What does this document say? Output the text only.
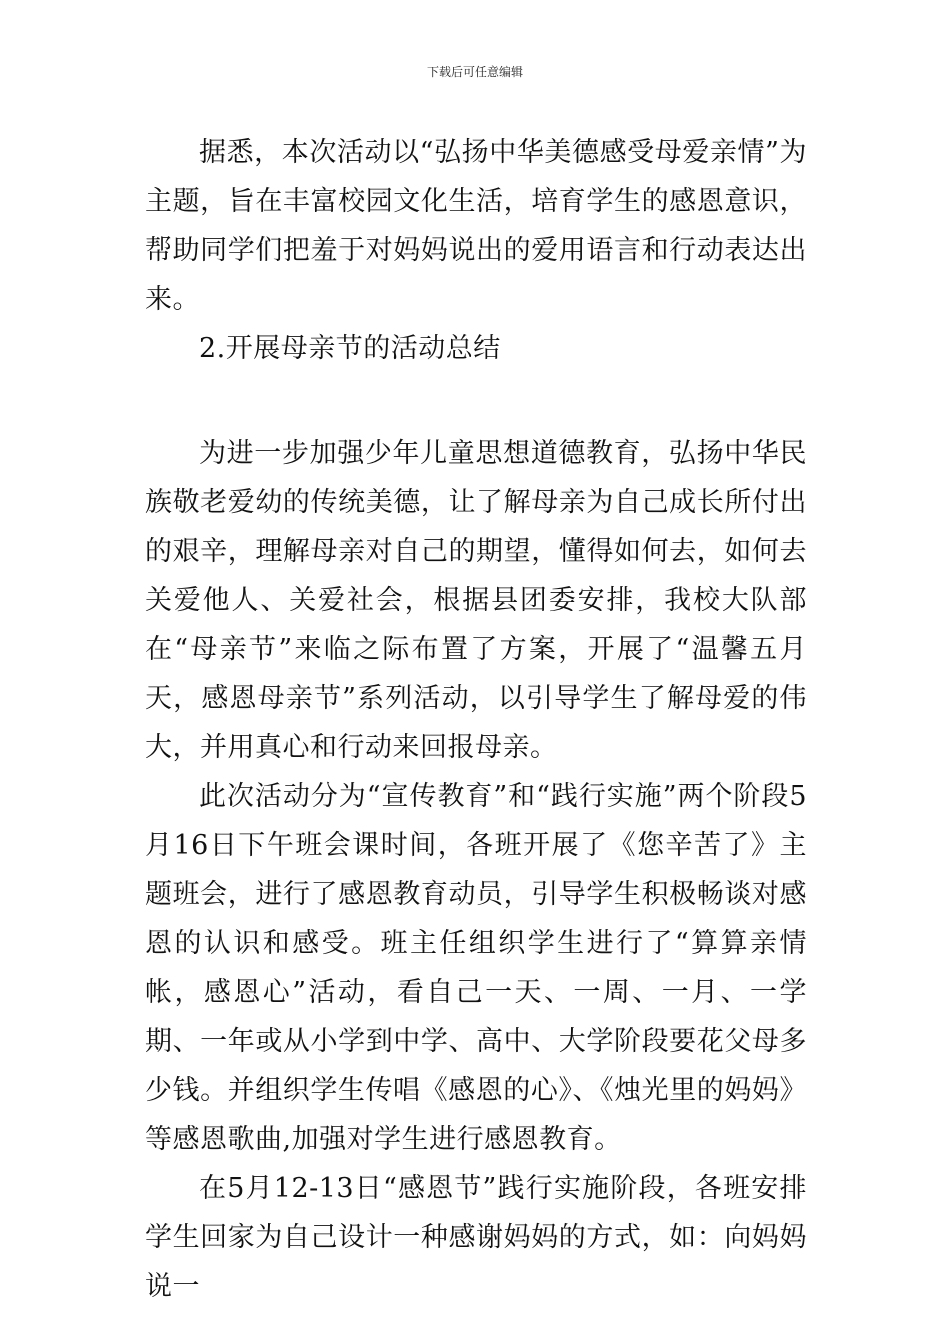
下载后可任意编辑

据悉，本次活动以“弘扬中华美德感受母爱亲情”为主题，旨在丰富校园文化生活，培育学生的感恩意识，帮助同学们把羞于对妈妈说出的爱用语言和行动表达出来。

2.开展母亲节的活动总结

为进一步加强少年儿童思想道德教育，弘扬中华民族敬老爱幼的传统美德，让了解母亲为自己成长所付出的艰辛，理解母亲对自己的期望，懂得如何去，如何去关爱他人、关爱社会，根据县团委安排，我校大队部在“母亲节”来临之际布置了方案，开展了“温馨五月天，感恩母亲节”系列活动，以引导学生了解母爱的伟大，并用真心和行动来回报母亲。

此次活动分为“宣传教育”和“践行实施”两个阶段5月16日下午班会课时间，各班开展了《您辛苦了》主题班会，进行了感恩教育动员，引导学生积极畅谈对感恩的认识和感受。班主任组织学生进行了“算算亲情帐，感恩心”活动，看自己一天、一周、一月、一学期、一年或从小学到中学、高中、大学阶段要花父母多少钱。并组织学生传唱《感恩的心》、《烛光里的妈妈》等感恩歌曲,加强对学生进行感恩教育。

在5月12-13日“感恩节”践行实施阶段，各班安排学生回家为自己设计一种感谢妈妈的方式，如：向妈妈说一
